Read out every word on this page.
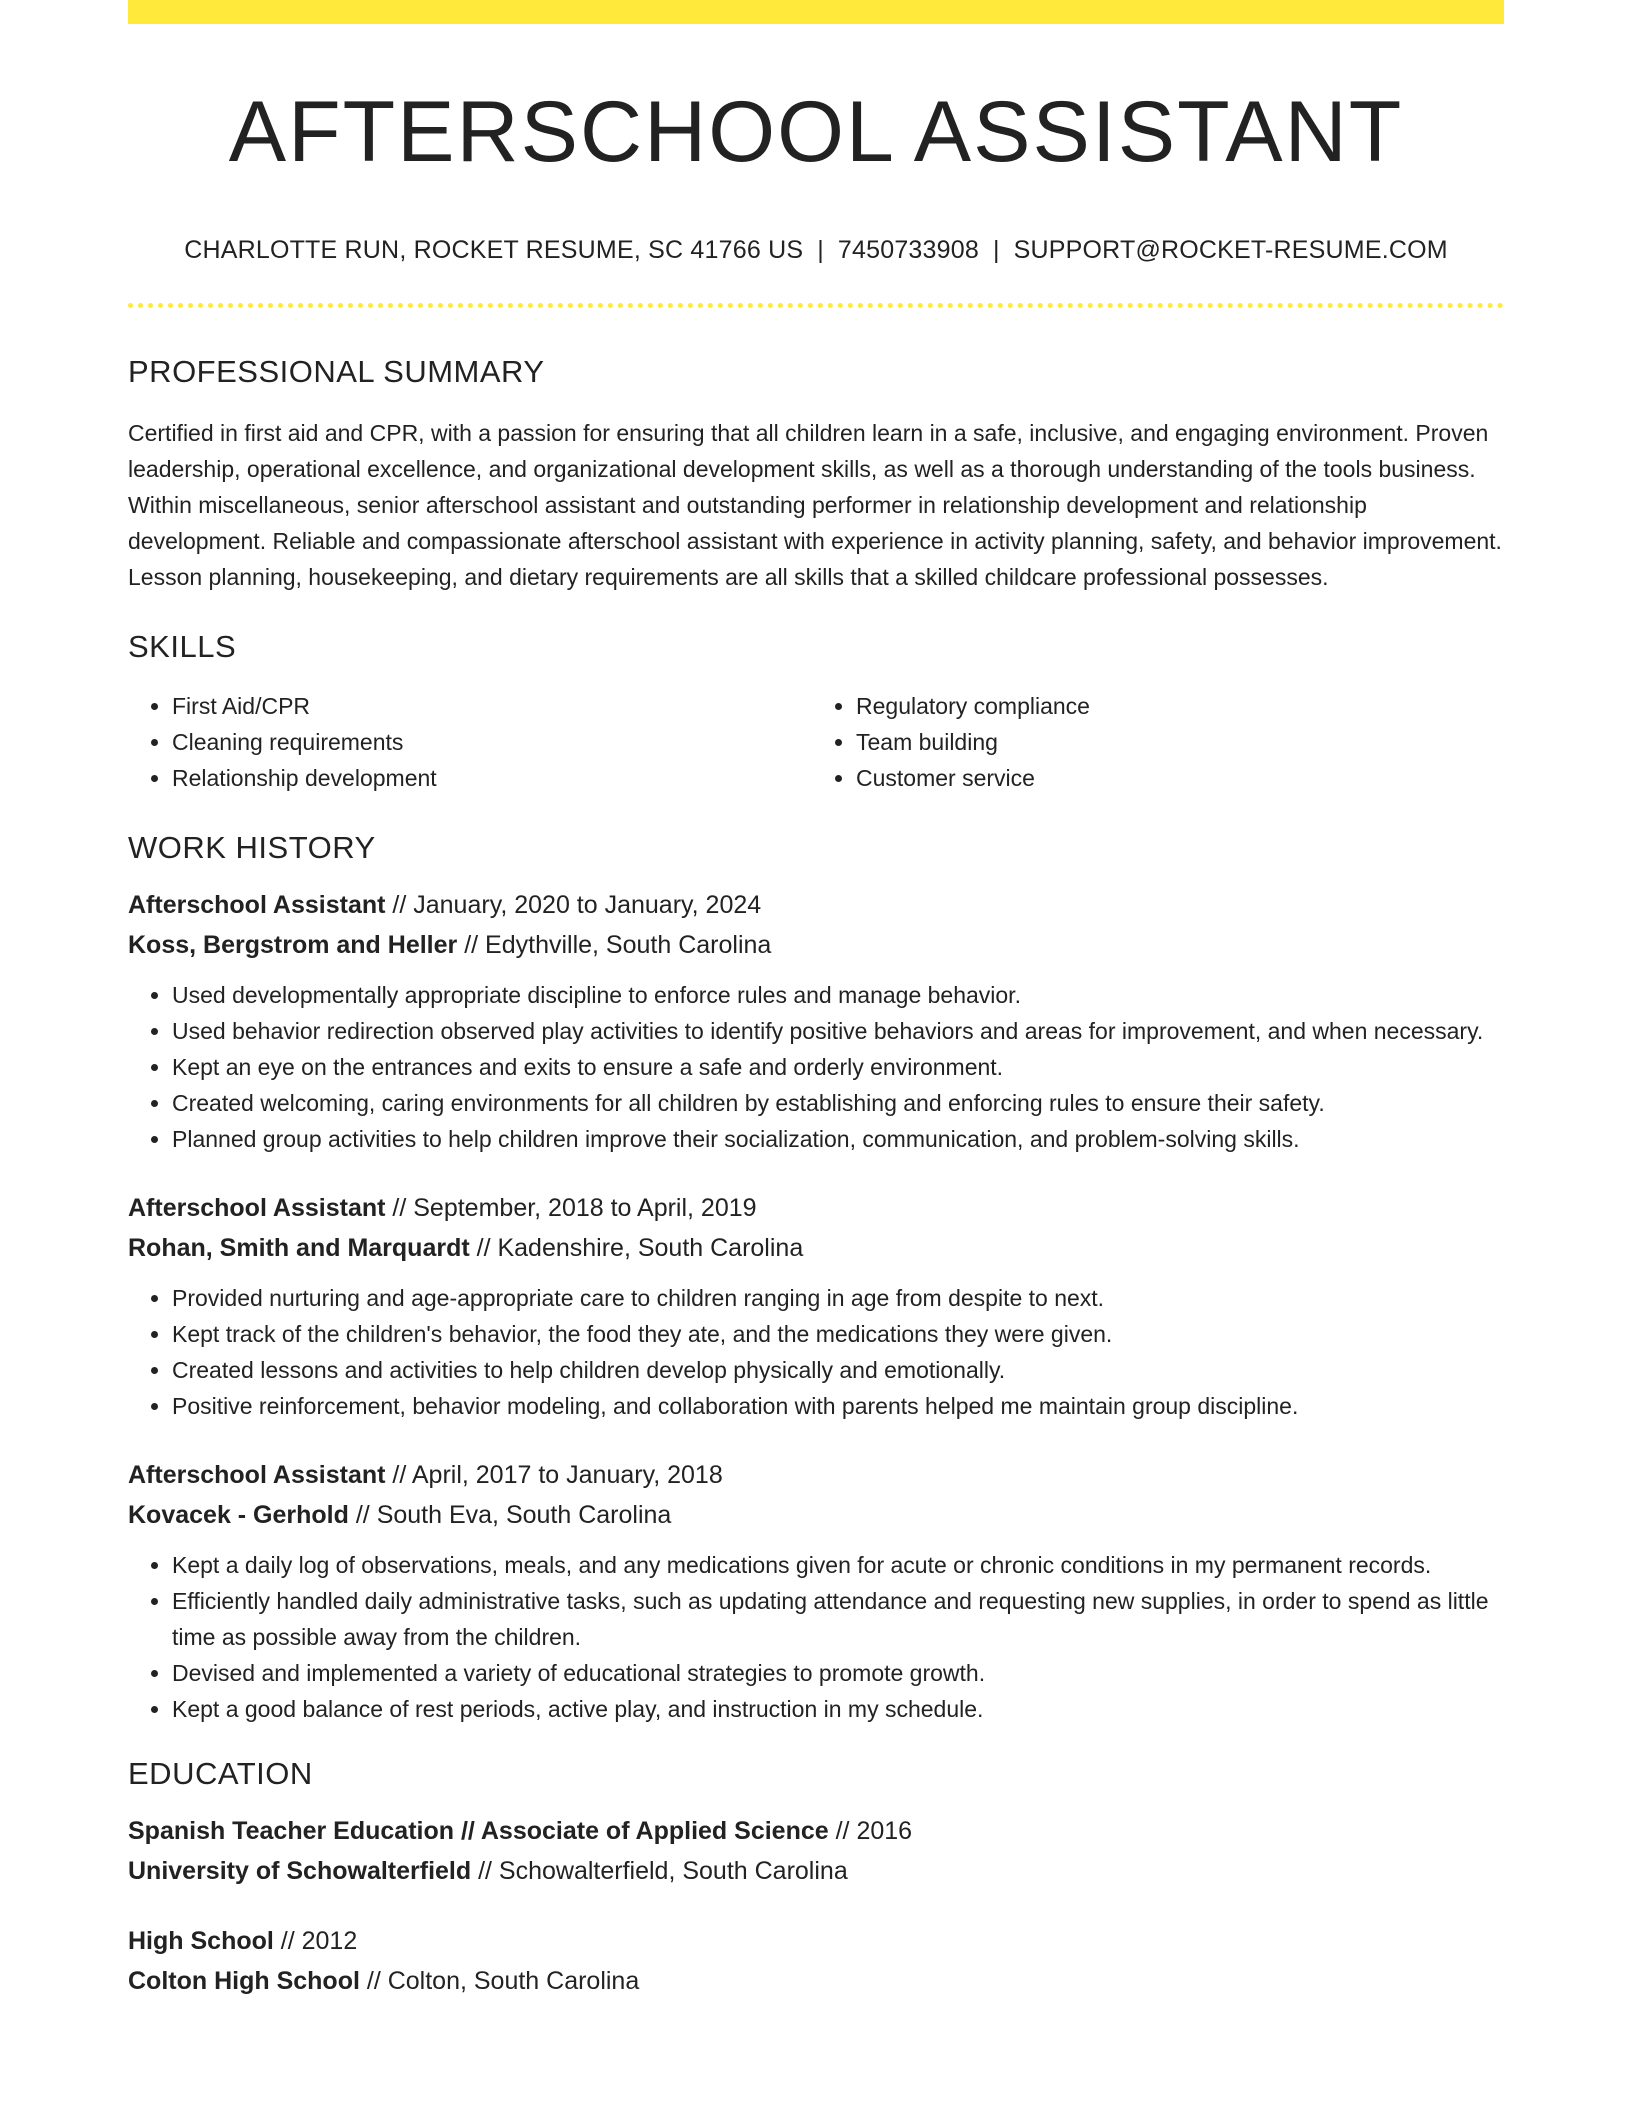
AFTERSCHOOL ASSISTANT
CHARLOTTE RUN, ROCKET RESUME, SC 41766 US | 7450733908 | SUPPORT@ROCKET-RESUME.COM
PROFESSIONAL SUMMARY

Certified in first aid and CPR, with a passion for ensuring that all children learn in a safe, inclusive, and engaging environment. Proven leadership, operational excellence, and organizational development skills, as well as a thorough understanding of the tools business. Within miscellaneous, senior afterschool assistant and outstanding performer in relationship development and relationship development. Reliable and compassionate afterschool assistant with experience in activity planning, safety, and behavior improvement. Lesson planning, housekeeping, and dietary requirements are all skills that a skilled childcare professional possesses.

SKILLS
• First Aid/CPR
• Cleaning requirements
• Relationship development
• Regulatory compliance
• Team building
• Customer service
WORK HISTORY
Afterschool Assistant // January, 2020 to January, 2024
Koss, Bergstrom and Heller // Edythville, South Carolina
• Used developmentally appropriate discipline to enforce rules and manage behavior.
• Used behavior redirection observed play activities to identify positive behaviors and areas for improvement, and when necessary.
• Kept an eye on the entrances and exits to ensure a safe and orderly environment.
• Created welcoming, caring environments for all children by establishing and enforcing rules to ensure their safety.
• Planned group activities to help children improve their socialization, communication, and problem-solving skills.
Afterschool Assistant // September, 2018 to April, 2019
Rohan, Smith and Marquardt // Kadenshire, South Carolina
• Provided nurturing and age-appropriate care to children ranging in age from despite to next.
• Kept track of the children's behavior, the food they ate, and the medications they were given.
• Created lessons and activities to help children develop physically and emotionally.
• Positive reinforcement, behavior modeling, and collaboration with parents helped me maintain group discipline.
Afterschool Assistant // April, 2017 to January, 2018
Kovacek - Gerhold // South Eva, South Carolina
• Kept a daily log of observations, meals, and any medications given for acute or chronic conditions in my permanent records.
• Efficiently handled daily administrative tasks, such as updating attendance and requesting new supplies, in order to spend as little time as possible away from the children.
• Devised and implemented a variety of educational strategies to promote growth.
• Kept a good balance of rest periods, active play, and instruction in my schedule.
EDUCATION
Spanish Teacher Education // Associate of Applied Science // 2016
University of Schowalterfield // Schowalterfield, South Carolina
High School // 2012
Colton High School // Colton, South Carolina
